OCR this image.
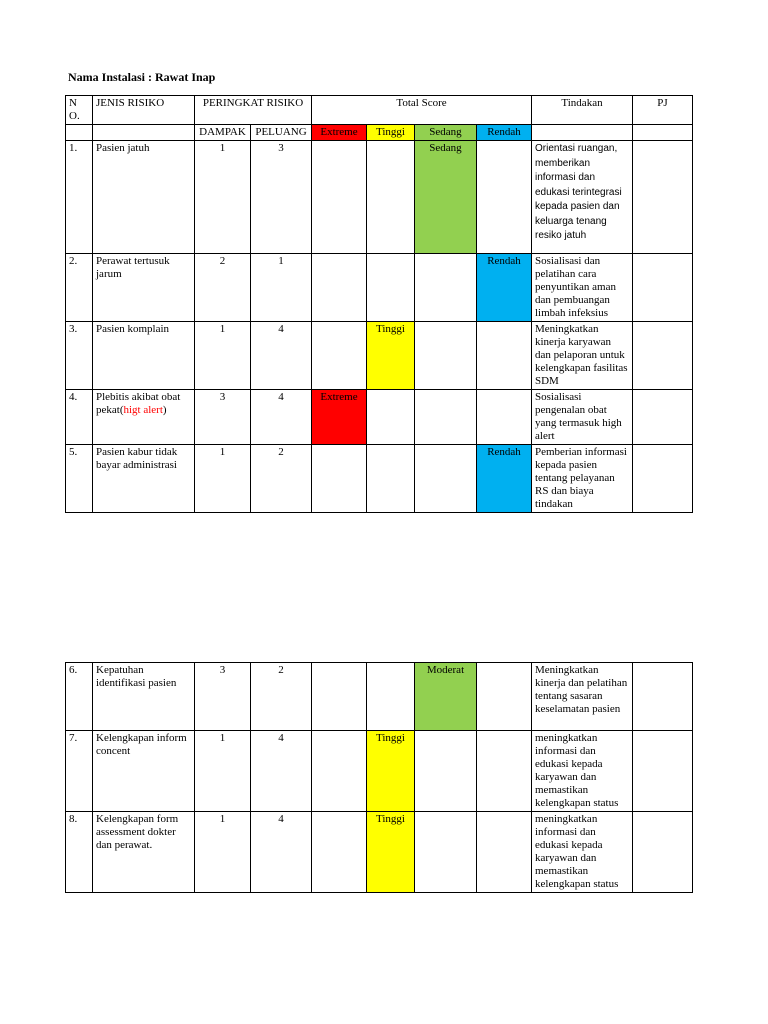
Nama Instalasi : Rawat Inap
N O.	JENIS RISIKO	PERINGKAT RISIKO		Total Score				Tindakan	PJ
		DAMPAK	PELUANG	Extreme	Tinggi	Sedang	Rendah		
1.	Pasien jatuh	1	3			Sedang		Orientasi ruangan, memberikan informasi dan edukasi terintegrasi kepada pasien dan keluarga tenang resiko jatuh	
2.	Perawat tertusuk jarum	2	1				Rendah	Sosialisasi dan pelatihan cara penyuntikan aman dan pembuangan limbah infeksius	
3.	Pasien komplain	1	4		Tinggi			Meningkatkan kinerja karyawan dan pelaporan untuk kelengkapan fasilitas SDM	
4.	Plebitis akibat obat pekat(higt alert)	3	4	Extreme				Sosialisasi pengenalan obat yang termasuk high alert	
5.	Pasien kabur tidak bayar administrasi	1	2				Rendah	Pemberian informasi kepada pasien tentang pelayanan RS dan biaya tindakan	
6.	Kepatuhan identifikasi pasien	3	2			Moderat		Meningkatkan kinerja dan pelatihan tentang sasaran keselamatan pasien	
7.	Kelengkapan inform concent	1	4		Tinggi			meningkatkan informasi dan edukasi kepada karyawan dan memastikan kelengkapan status	
8.	Kelengkapan form assessment dokter dan perawat.	1	4		Tinggi			meningkatkan informasi dan edukasi kepada karyawan dan memastikan kelengkapan status	
